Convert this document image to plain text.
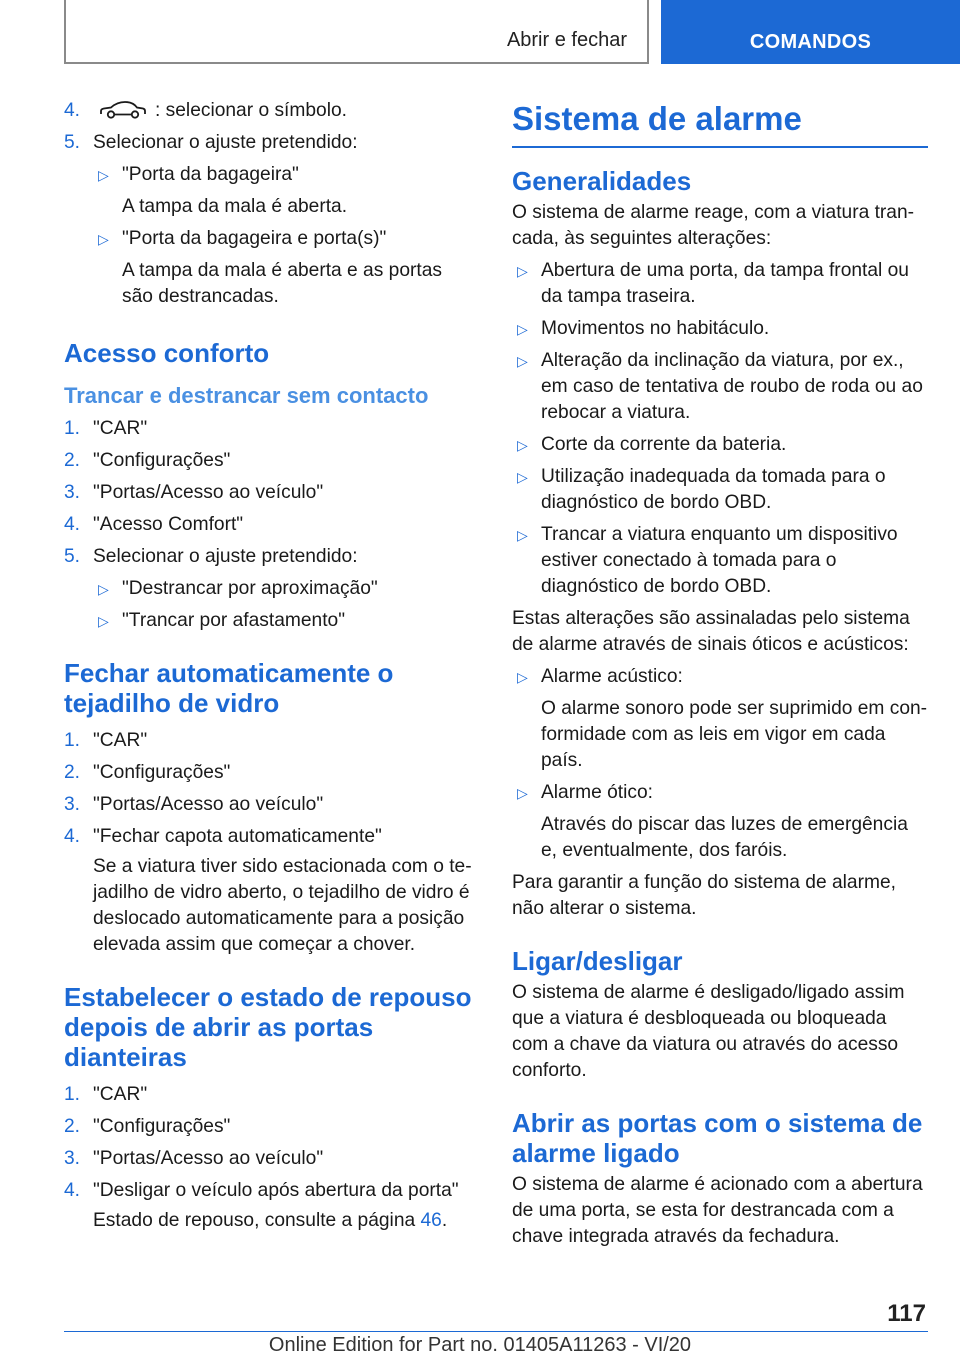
Abrir e fechar	COMANDOS
4.	: selecionar o símbolo.
5. Selecionar o ajuste pretendido:
▷ "Porta da bagageira"
A tampa da mala é aberta.
▷ "Porta da bagageira e porta(s)"
A tampa da mala é aberta e as portas são destrancadas.
Acesso conforto
Trancar e destrancar sem contacto
1. "CAR"
2. "Configurações"
3. "Portas/Acesso ao veículo"
4. "Acesso Comfort"
5. Selecionar o ajuste pretendido:
▷ "Destrancar por aproximação"
▷ "Trancar por afastamento"
Fechar automaticamente o tejadilho de vidro
1. "CAR"
2. "Configurações"
3. "Portas/Acesso ao veículo"
4. "Fechar capota automaticamente"
Se a viatura tiver sido estacionada com o tejadilho de vidro aberto, o tejadilho de vidro é deslocado automaticamente para a posição elevada assim que começar a chover.
Estabelecer o estado de repouso depois de abrir as portas dianteiras
1. "CAR"
2. "Configurações"
3. "Portas/Acesso ao veículo"
4. "Desligar o veículo após abertura da porta"
Estado de repouso, consulte a página 46.
Sistema de alarme
Generalidades

O sistema de alarme reage, com a viatura trancada, às seguintes alterações:

▷ Abertura de uma porta, da tampa frontal ou da tampa traseira.
▷ Movimentos no habitáculo.
▷ Alteração da inclinação da viatura, por ex., em caso de tentativa de roubo de roda ou ao rebocar a viatura.
▷ Corte da corrente da bateria.
▷ Utilização inadequada da tomada para o diagnóstico de bordo OBD.
▷ Trancar a viatura enquanto um dispositivo estiver conectado à tomada para o diagnóstico de bordo OBD.

Estas alterações são assinaladas pelo sistema de alarme através de sinais óticos e acústicos:

▷ Alarme acústico:
O alarme sonoro pode ser suprimido em conformidade com as leis em vigor em cada país.
▷ Alarme ótico:
Através do piscar das luzes de emergência e, eventualmente, dos faróis.

Para garantir a função do sistema de alarme, não alterar o sistema.

Ligar/desligar

O sistema de alarme é desligado/ligado assim que a viatura é desbloqueada ou bloqueada com a chave da viatura ou através do acesso conforto.

Abrir as portas com o sistema de alarme ligado

O sistema de alarme é acionado com a abertura de uma porta, se esta for destrancada com a chave integrada através da fechadura.

117
Online Edition for Part no. 01405A11263 - VI/20
